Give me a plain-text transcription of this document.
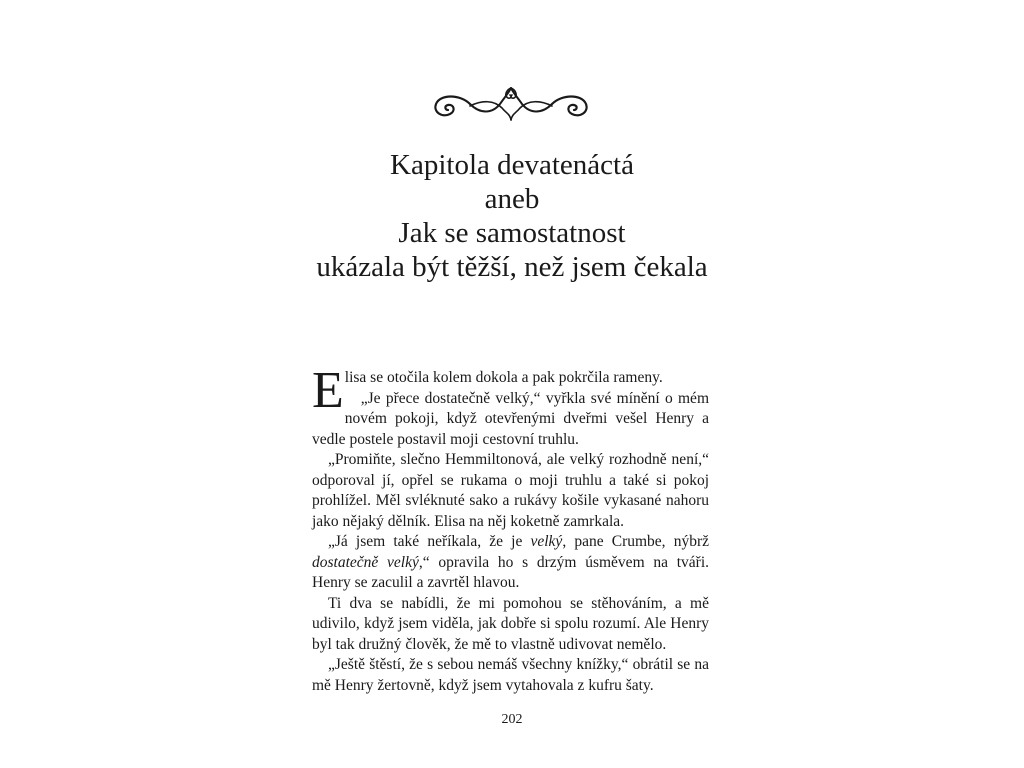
Kapitola devatenáctá
aneb
Jak se samostatnost
ukázala být těžší, než jsem čekala

Elisa se otočila kolem dokola a pak pokrčila rameny.

„Je přece dostatečně velký,“ vyřkla své mínění o mém novém pokoji, když otevřenými dveřmi vešel Henry a vedle postele postavil moji cestovní truhlu.

„Promiňte, slečno Hemmiltonová, ale velký rozhodně není,“ odporoval jí, opřel se rukama o moji truhlu a také si pokoj prohlížel. Měl svléknuté sako a rukávy košile vykasané nahoru jako nějaký dělník. Elisa na něj koketně zamrkala.

„Já jsem také neříkala, že je velký, pane Crumbe, nýbrž dostatečně velký,“ opravila ho s drzým úsměvem na tváři. Henry se zaculil a zavrtěl hlavou.

Ti dva se nabídli, že mi pomohou se stěhováním, a mě udivilo, když jsem viděla, jak dobře si spolu rozumí. Ale Henry byl tak družný člověk, že mě to vlastně udivovat nemělo.

„Ještě štěstí, že s sebou nemáš všechny knížky,“ obrátil se na mě Henry žertovně, když jsem vytahovala z kufru šaty.

202
